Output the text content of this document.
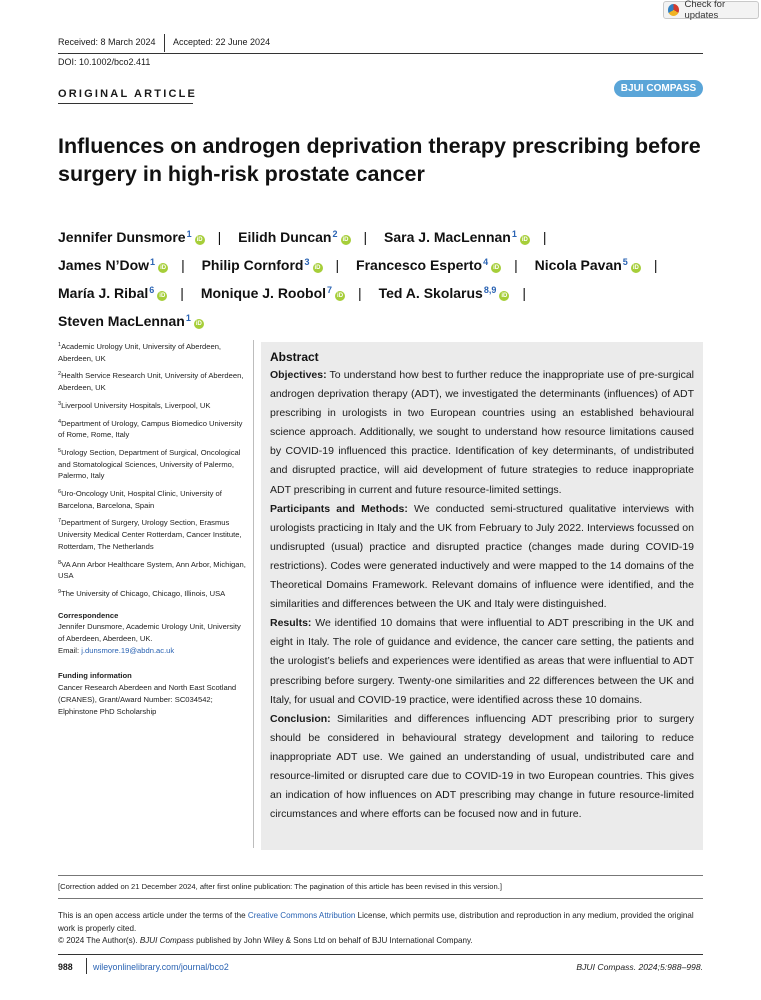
Check for updates
Received: 8 March 2024 Accepted: 22 June 2024
DOI: 10.1002/bco2.411
ORIGINAL ARTICLE	BJUI COMPASS
Influences on androgen deprivation therapy prescribing before surgery in high-risk prostate cancer
Jennifer Dunsmore$^1$iD | Eilidh Duncan$^2$iD | Sara J. MacLennan$^1$iD |
James N’Dow$^1$iD | Philip Cornford$^3$iD | Francesco Esperto$^4$iD | Nicola Pavan$^5$iD |
María J. Ribal$^6$iD | Monique J. Roobol$^7$iD | Ted A. Skolarus$^{8,9}$iD |
Steven MacLennan$^1$iD
$^1$Academic Urology Unit, University of Aberdeen, Aberdeen, UK
$^2$Health Service Research Unit, University of Aberdeen, Aberdeen, UK
$^3$Liverpool University Hospitals, Liverpool, UK
$^4$Department of Urology, Campus Biomedico University of Rome, Rome, Italy
$^5$Urology Section, Department of Surgical, Oncological and Stomatological Sciences, University of Palermo, Palermo, Italy
$^6$Uro-Oncology Unit, Hospital Clinic, University of Barcelona, Barcelona, Spain
$^7$Department of Surgery, Urology Section, Erasmus University Medical Center Rotterdam, Cancer Institute, Rotterdam, The Netherlands
$^8$VA Ann Arbor Healthcare System, Ann Arbor, Michigan, USA
$^9$The University of Chicago, Chicago, Illinois, USA
Correspondence
Jennifer Dunsmore, Academic Urology Unit, University of Aberdeen, Aberdeen, UK.
Email: j.dunsmore.19@abdn.ac.uk
Funding information
Cancer Research Aberdeen and North East Scotland (CRANES), Grant/Award Number: SC034542; Elphinstone PhD Scholarship
Abstract

Objectives: To understand how best to further reduce the inappropriate use of pre-surgical androgen deprivation therapy (ADT), we investigated the determinants (influences) of ADT prescribing in urologists in two European countries using an established behavioural science approach. Additionally, we sought to understand how resource limitations caused by COVID-19 influenced this practice. Identification of key determinants, of undistributed and disrupted practice, will aid development of future strategies to reduce inappropriate ADT prescribing in current and future resource-limited settings.

Participants and Methods: We conducted semi-structured qualitative interviews with urologists practicing in Italy and the UK from February to July 2022. Interviews focussed on undisrupted (usual) practice and disrupted practice (changes made during COVID-19 restrictions). Codes were generated inductively and were mapped to the 14 domains of the Theoretical Domains Framework. Relevant domains of influence were identified, and the similarities and differences between the UK and Italy were distinguished.

Results: We identified 10 domains that were influential to ADT prescribing in the UK and eight in Italy. The role of guidance and evidence, the cancer care setting, the patients and the urologist’s beliefs and experiences were identified as areas that were influential to ADT prescribing before surgery. Twenty-one similarities and 22 differences between the UK and Italy, for usual and COVID-19 practice, were identified across these 10 domains.

Conclusion: Similarities and differences influencing ADT prescribing prior to surgery should be considered in behavioural strategy development and tailoring to reduce inappropriate ADT use. We gained an understanding of usual, undistributed care and resource-limited or disrupted care due to COVID-19 in two European countries. This gives an indication of how influences on ADT prescribing may change in future resource-limited circumstances and where efforts can be focused now and in future.

[Correction added on 21 December 2024, after first online publication: The pagination of this article has been revised in this version.]
This is an open access article under the terms of the Creative Commons Attribution License, which permits use, distribution and reproduction in any medium, provided the original work is properly cited.
© 2024 The Author(s). BJUI Compass published by John Wiley & Sons Ltd on behalf of BJU International Company.
988 wileyonlinelibrary.com/journal/bco2	BJUI Compass. 2024;5:988–998.
